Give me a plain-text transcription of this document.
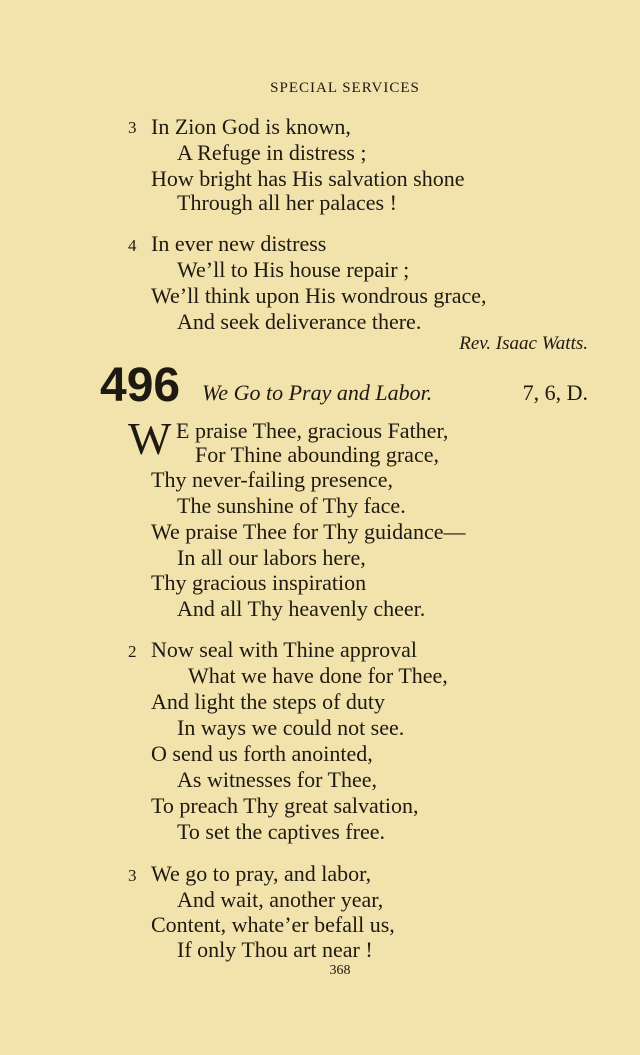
SPECIAL SERVICES
3 In Zion God is known,
A Refuge in distress ;
How bright has His salvation shone
Through all her palaces !
4 In ever new distress
We’ll to His house repair ;
We’ll think upon His wondrous grace,
And seek deliverance there.
Rev. Isaac Watts.
496 We Go to Pray and Labor.	7, 6, D.
W E praise Thee, gracious Father,
For Thine abounding grace,
Thy never-failing presence,
The sunshine of Thy face.
We praise Thee for Thy guidance—
In all our labors here,
Thy gracious inspiration
And all Thy heavenly cheer.
2 Now seal with Thine approval
What we have done for Thee,
And light the steps of duty
In ways we could not see.
O send us forth anointed,
As witnesses for Thee,
To preach Thy great salvation,
To set the captives free.
3 We go to pray, and labor,
And wait, another year,
Content, whate’er befall us,
If only Thou art near !
368
